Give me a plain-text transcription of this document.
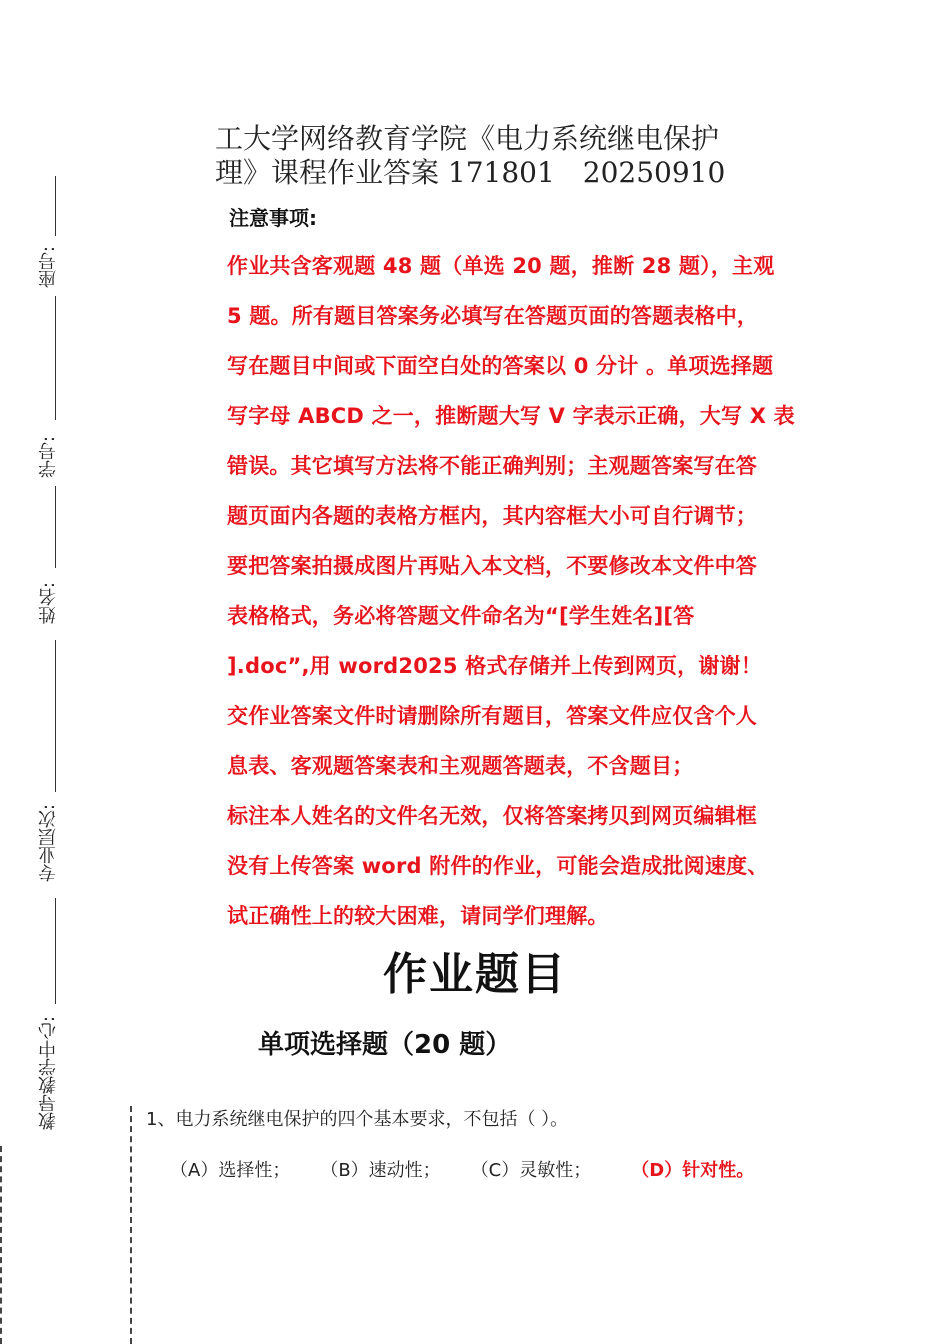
座号:
学号:
姓名:
专业层次:
教导教学中心:
工大学网络教育学院《电力系统继电保护
理》课程作业答案 171801　20250910
注意事项:
作业共含客观题 48 题（单选 20 题，推断 28 题），主观
5 题。所有题目答案务必填写在答题页面的答题表格中，
写在题目中间或下面空白处的答案以 0 分计 。单项选择题
写字母 ABCD 之一，推断题大写 V 字表示正确，大写 X 表
错误。其它填写方法将不能正确判别；主观题答案写在答
题页面内各题的表格方框内，其内容框大小可自行调节；
要把答案拍摄成图片再贴入本文档，不要修改本文件中答
表格格式，务必将答题文件命名为“[学生姓名][答
].doc”,用 word2025 格式存储并上传到网页，谢谢！
交作业答案文件时请删除所有题目，答案文件应仅含个人
息表、客观题答案表和主观题答题表，不含题目；
标注本人姓名的文件名无效，仅将答案拷贝到网页编辑框
没有上传答案 word 附件的作业，可能会造成批阅速度、
试正确性上的较大困难，请同学们理解。
作业题目
单项选择题（20 题）
1、电力系统继电保护的四个基本要求，不包括（ ）。
（A）选择性； （B）速动性； （C）灵敏性； （D）针对性。
